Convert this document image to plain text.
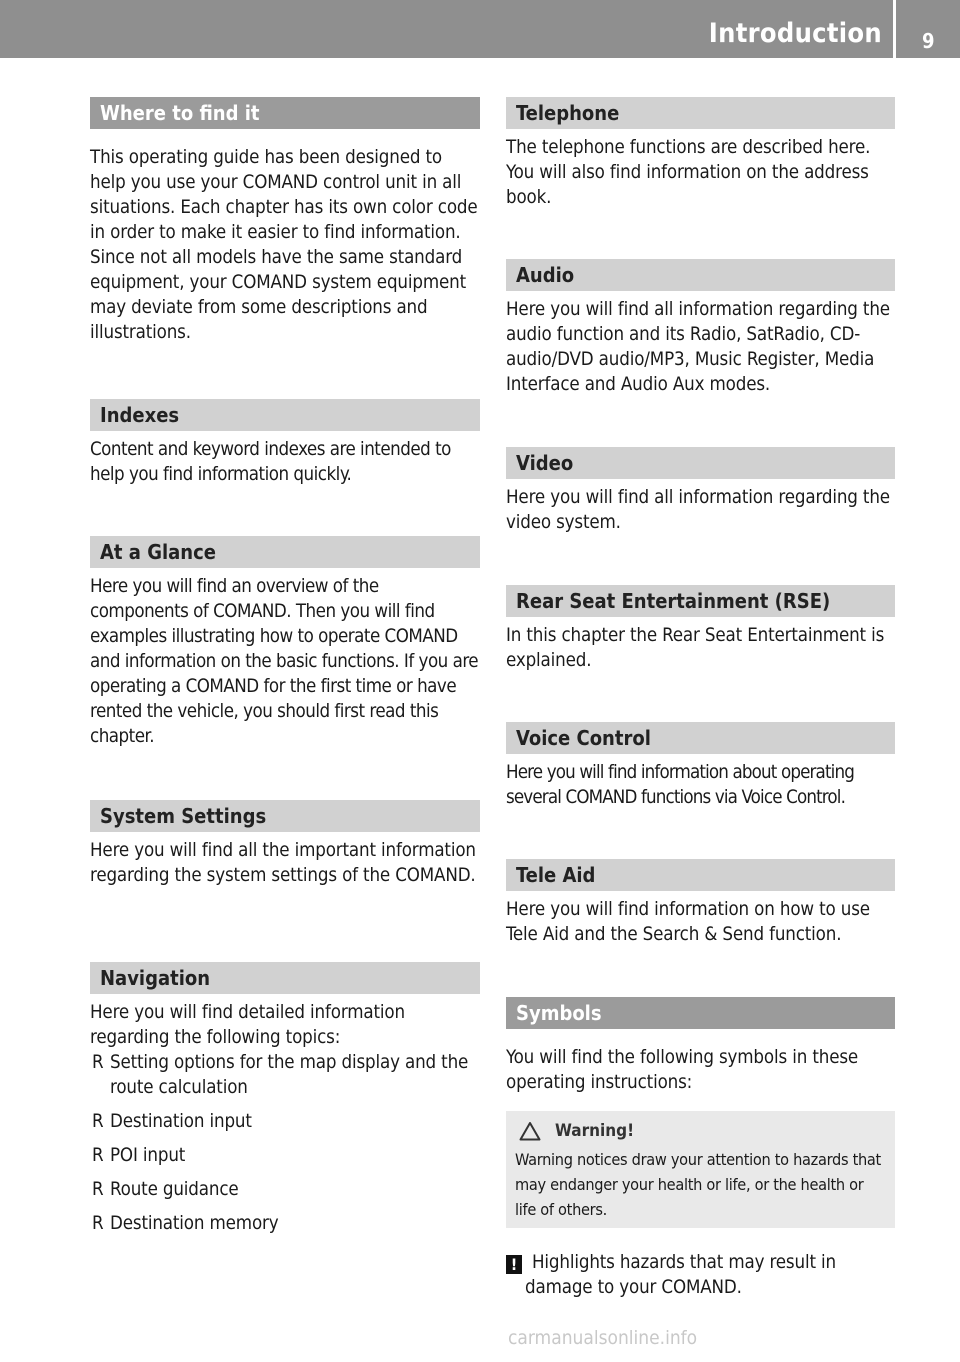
Introduction 9
Where to find it
This operating guide has been designed to help you use your COMAND control unit in all situations. Each chapter has its own color code in order to make it easier to find information. Since not all models have the same standard equipment, your COMAND system equipment may deviate from some descriptions and illustrations.
Indexes
Content and keyword indexes are intended to help you find information quickly.
At a Glance
Here you will find an overview of the components of COMAND. Then you will find examples illustrating how to operate COMAND and information on the basic functions. If you are operating a COMAND for the first time or have rented the vehicle, you should first read this chapter.
System Settings
Here you will find all the important information regarding the system settings of the COMAND.
Navigation
Here you will find detailed information regarding the following topics:
R Setting options for the map display and the route calculation
R Destination input
R POI input
R Route guidance
R Destination memory
Telephone
The telephone functions are described here. You will also find information on the address book.
Audio
Here you will find all information regarding the audio function and its Radio, SatRadio, CD-audio/DVD audio/MP3, Music Register, Media Interface and Audio Aux modes.
Video
Here you will find all information regarding the video system.
Rear Seat Entertainment (RSE)
In this chapter the Rear Seat Entertainment is explained.
Voice Control
Here you will find information about operating several COMAND functions via Voice Control.
Tele Aid
Here you will find information on how to use Tele Aid and the Search & Send function.
Symbols
You will find the following symbols in these operating instructions:
Warning!
Warning notices draw your attention to hazards that may endanger your health or life, or the health or life of others.
! Highlights hazards that may result in
damage to your COMAND.
carmanualsonline.info
